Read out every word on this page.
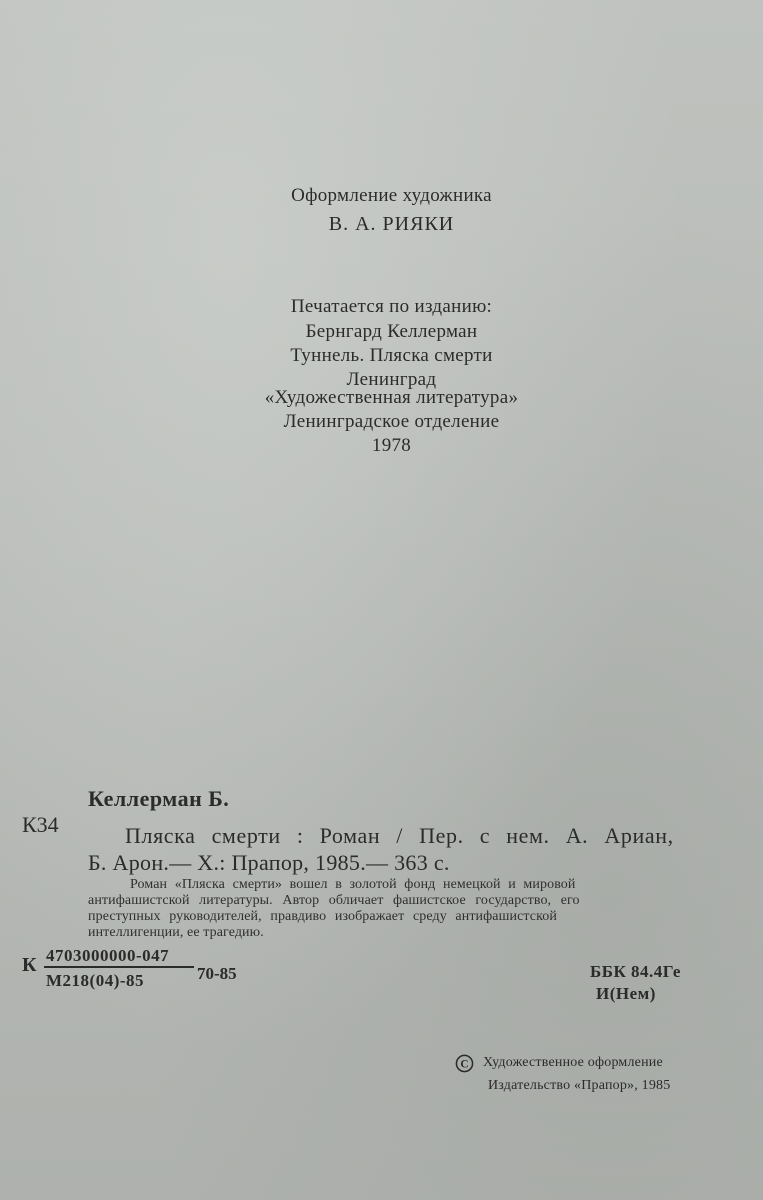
Оформление художника
В. А. РИЯКИ
Печатается по изданию:
Бернгард Келлерман
Туннель. Пляска смерти
Ленинград
«Художественная литература»
Ленинградское отделение
1978
Келлерман Б.
К34	Пляска смерти : Роман / Пер. с нем. А. Ариан,
Б. Арон.— Х.: Прапор, 1985.— 363 с.
Роман «Пляска смерти» вошел в золотой фонд немецкой и мировой
антифашистской литературы. Автор обличает фашистское государство, его
преступных руководителей, правдиво изображает среду антифашистской
интеллигенции, ее трагедию.
К 4703000000-047
М218(04)-85	70-85	ББК 84.4Ге
И(Нем)
C Художественное оформление
Издательство «Прапор», 1985
